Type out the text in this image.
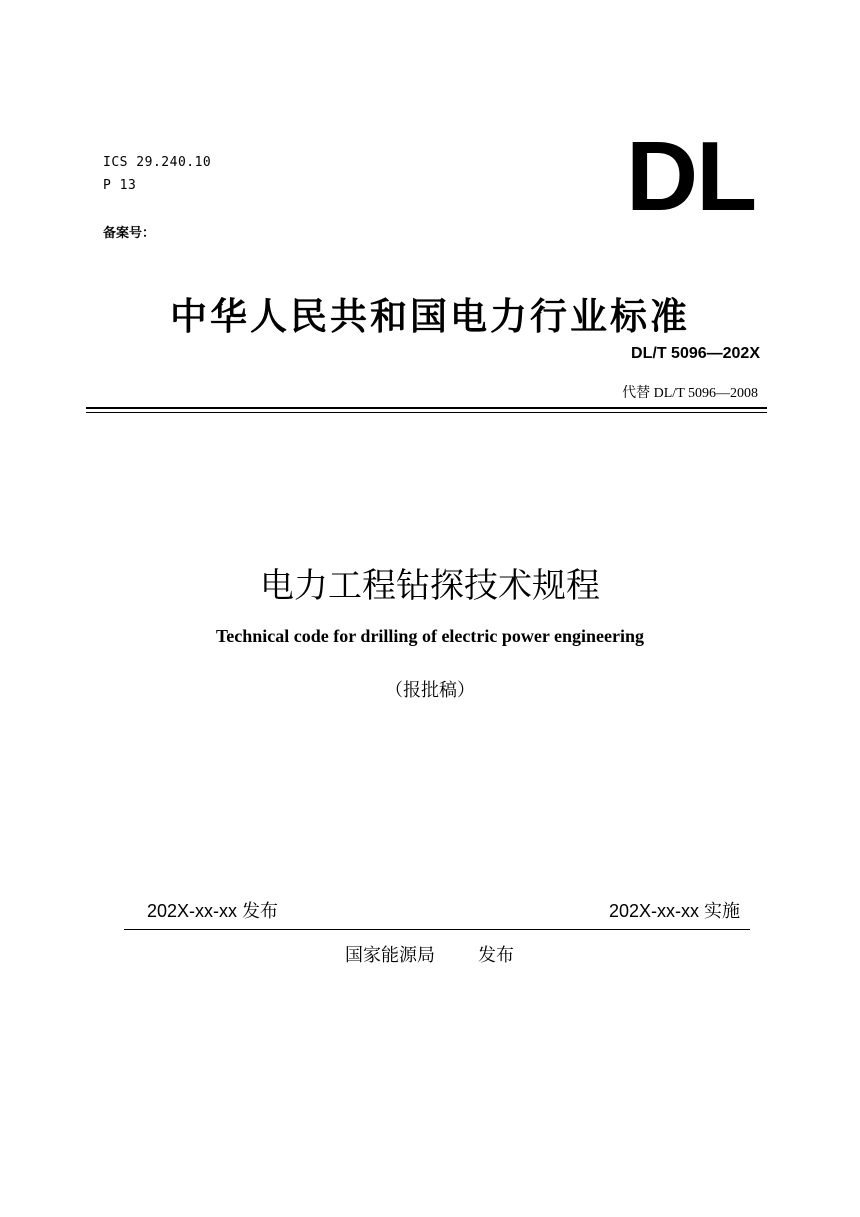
ICS 29.240.10
P 13
备案号：
DL
中华人民共和国电力行业标准
DL/T 5096—202X
代替 DL/T 5096—2008
电力工程钻探技术规程
Technical code for drilling of electric power engineering
（报批稿）
202X-xx-xx 发布	202X-xx-xx 实施
国家能源局 发布
